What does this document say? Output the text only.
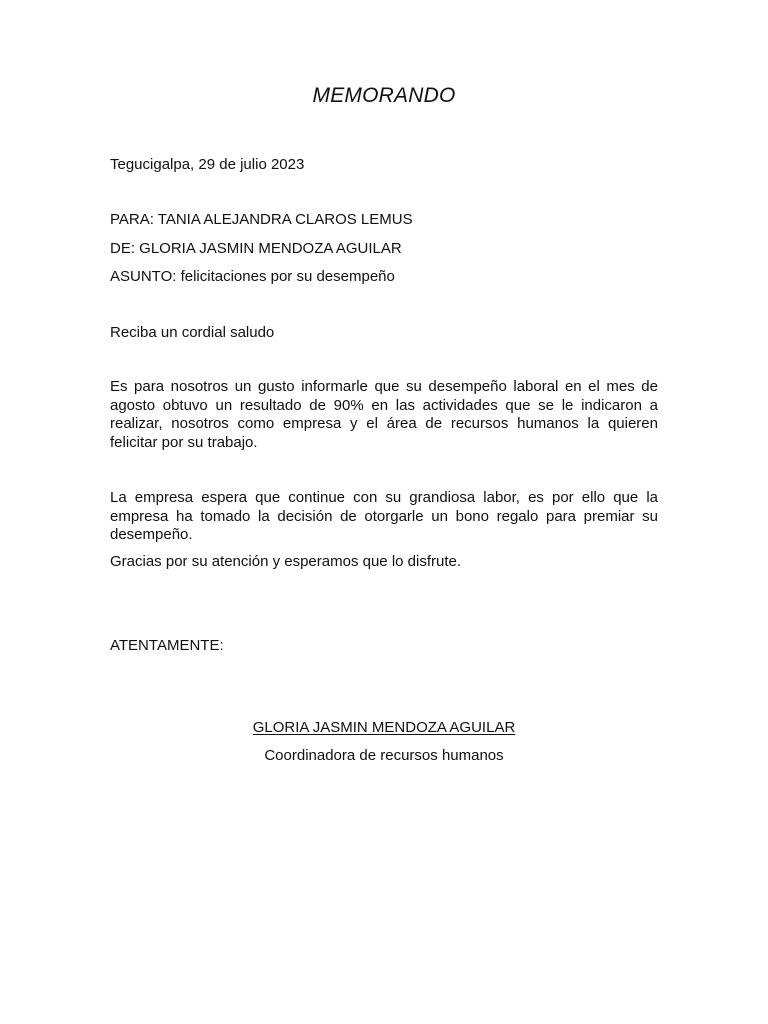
MEMORANDO
Tegucigalpa, 29 de julio 2023
PARA: TANIA ALEJANDRA CLAROS LEMUS
DE: GLORIA JASMIN MENDOZA AGUILAR
ASUNTO: felicitaciones por su desempeño
Reciba un cordial saludo
Es para nosotros un gusto informarle que su desempeño laboral en el mes de agosto obtuvo un resultado de 90% en las actividades que se le indicaron a realizar, nosotros como empresa y el área de recursos humanos la quieren felicitar por su trabajo.
La empresa espera que continue con su grandiosa labor, es por ello que la empresa ha tomado la decisión de otorgarle un bono regalo para premiar su desempeño.
Gracias por su atención y esperamos que lo disfrute.
ATENTAMENTE:
GLORIA JASMIN MENDOZA AGUILAR
Coordinadora de recursos humanos
